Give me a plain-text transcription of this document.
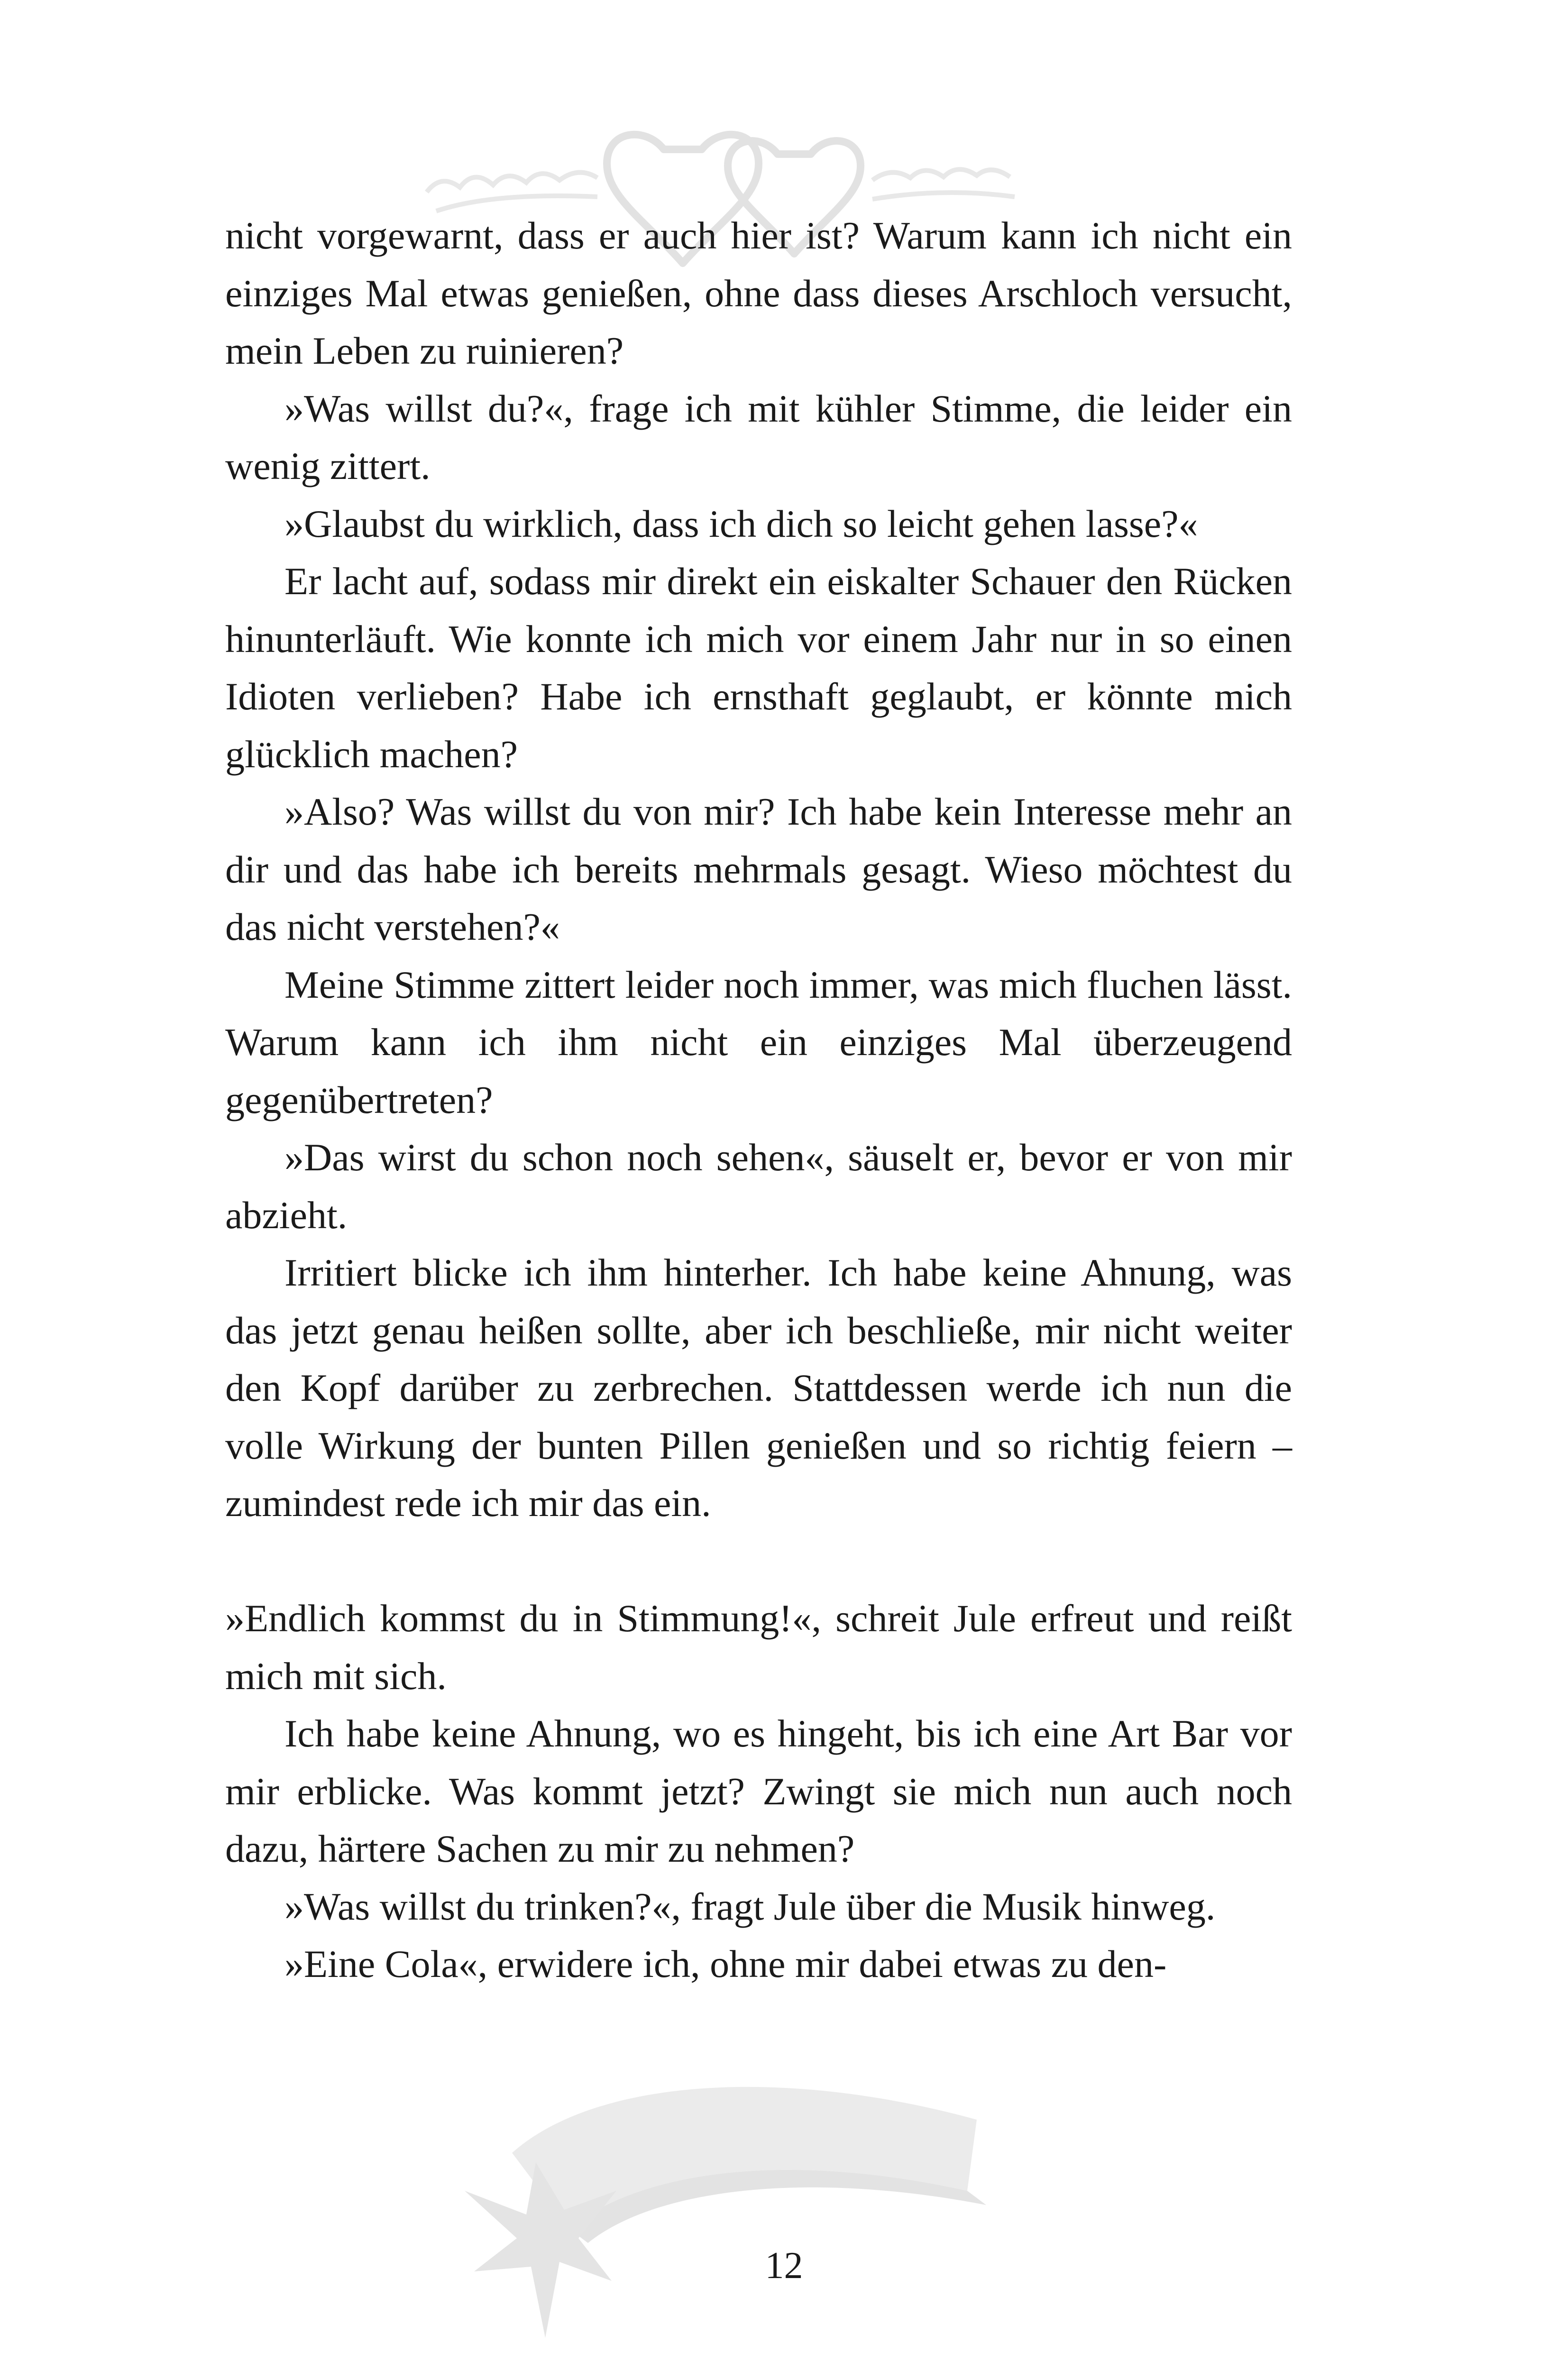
nicht vorgewarnt, dass er auch hier ist? Warum kann ich nicht ein einziges Mal etwas genießen, ohne dass dieses Arschloch versucht, mein Leben zu ruinieren?

»Was willst du?«, frage ich mit kühler Stimme, die leider ein wenig zittert.

»Glaubst du wirklich, dass ich dich so leicht gehen lasse?«

Er lacht auf, sodass mir direkt ein eiskalter Schauer den Rücken hinunterläuft. Wie konnte ich mich vor einem Jahr nur in so einen Idioten verlieben? Habe ich ernsthaft geglaubt, er könnte mich glücklich machen?

»Also? Was willst du von mir? Ich habe kein Interesse mehr an dir und das habe ich bereits mehrmals gesagt. Wieso möchtest du das nicht verstehen?«

Meine Stimme zittert leider noch immer, was mich fluchen lässt. Warum kann ich ihm nicht ein einziges Mal überzeugend gegenübertreten?

»Das wirst du schon noch sehen«, säuselt er, bevor er von mir abzieht.

Irritiert blicke ich ihm hinterher. Ich habe keine Ahnung, was das jetzt genau heißen sollte, aber ich beschließe, mir nicht weiter den Kopf darüber zu zerbrechen. Stattdessen werde ich nun die volle Wirkung der bunten Pillen genießen und so richtig feiern – zumindest rede ich mir das ein.

»Endlich kommst du in Stimmung!«, schreit Jule erfreut und reißt mich mit sich.

Ich habe keine Ahnung, wo es hingeht, bis ich eine Art Bar vor mir erblicke. Was kommt jetzt? Zwingt sie mich nun auch noch dazu, härtere Sachen zu mir zu nehmen?

»Was willst du trinken?«, fragt Jule über die Musik hinweg.

»Eine Cola«, erwidere ich, ohne mir dabei etwas zu den-

12
